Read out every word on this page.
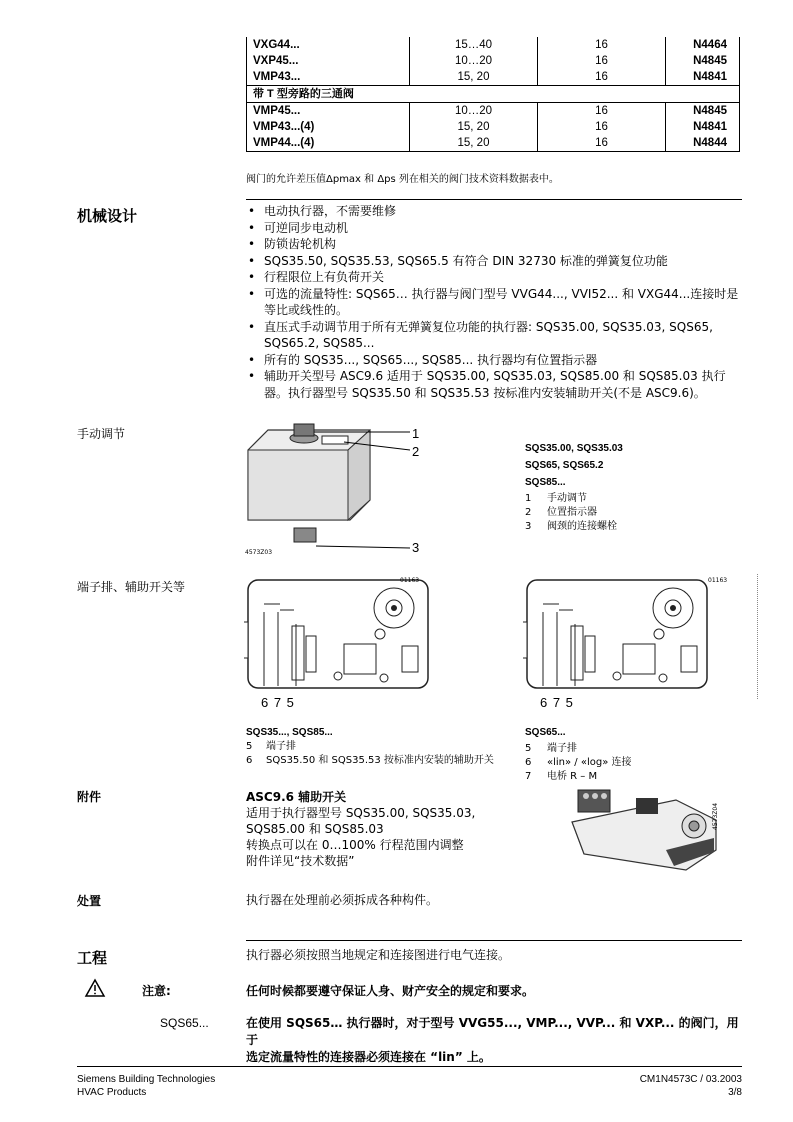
VXG44...	15…40	16	N4464
VXP45...	10…20	16	N4845
VMP43...	15, 20	16	N4841
带 T 型旁路的三通阀			
VMP45...	10…20	16	N4845
VMP43...(4)	15, 20	16	N4841
VMP44...(4)	15, 20	16	N4844
阀门的允许差压值Δpmax 和 Δps 列在相关的阀门技术资料数据表中。
机械设计	• 电动执行器，不需要维修
• 可逆同步电动机
• 防锁齿轮机构
• SQS35.50, SQS35.53, SQS65.5 有符合 DIN 32730 标准的弹簧复位功能
• 行程限位上有负荷开关
• 可选的流量特性: SQS65… 执行器与阀门型号 VVG44..., VVI52... 和 VXG44...连接时是等比或线性的。
• 直压式手动调节用于所有无弹簧复位功能的执行器: SQS35.00, SQS35.03, SQS65, SQS65.2, SQS85...
• 所有的 SQS35..., SQS65..., SQS85... 执行器均有位置指示器
• 辅助开关型号 ASC9.6 适用于 SQS35.00, SQS35.03, SQS85.00 和 SQS85.03 执行器。执行器型号 SQS35.50 和 SQS35.53 按标准内安装辅助开关(不是 ASC9.6)。
手动调节	1
2
3
4573Z03
SQS35.00, SQS35.03
SQS65, SQS65.2
SQS85...
1 手动调节
2 位置指示器
3 阀颈的连接螺栓
端子排、辅助开关等	01163
6 7 5
01163
6 7 5
SQS35..., SQS85...
5 端子排
6 SQS35.50 和 SQS35.53 按标准内安装的辅助开关
SQS65...
5 端子排
6 «lin» / «log» 连接
7 电桥 R – M
附件	ASC9.6 辅助开关
适用于执行器型号 SQS35.00, SQS35.03,
SQS85.00 和 SQS85.03
转换点可以在 0…100% 行程范围内调整
附件详见“技术数据”
4573Z04
处置	执行器在处理前必须拆成各种构件。
工程	执行器必须按照当地规定和连接图进行电气连接。
注意:	任何时候都要遵守保证人身、财产安全的规定和要求。
SQS65...	在使用 SQS65… 执行器时，对于型号 VVG55..., VMP..., VVP... 和 VXP... 的阀门，用于
选定流量特性的连接器必须连接在 “lin” 上。
Siemens Building Technologies
HVAC Products
CM1N4573C / 03.2003
3/8
